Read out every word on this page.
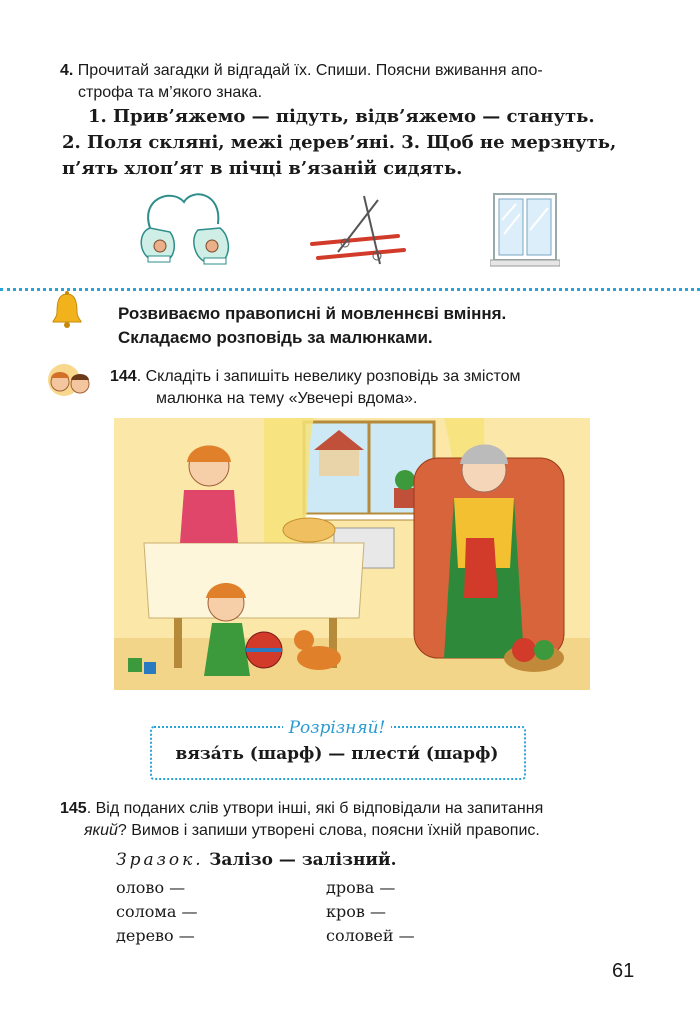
4. Прочитай загадки й відгадай їх. Спиши. Поясни вживання апо-
строфа та м’якого знака.
1. Прив’яжемо — підуть, відв’яжемо — стануть.
2. Поля склянi, межі дерев’яні. 3. Щоб не мерзнуть,
п’ять хлоп’ят в пічці в’язаній сидять.
Розвиваємо правописні й мовленнєві вміння.
Складаємо розповідь за малюнками.
144. Складіть і запишіть невелику розповідь за змістом
малюнка на тему «Увечері вдома».
Розрізняй!
вяза́ть (шарф) — плести́ (шарф)
145. Від поданих слів утвори інші, які б відповідали на запитання
який? Вимов і запиши утворені слова, поясни їхній правопис.
Зразок. Залізо — залізний.
олово —
солома —
дерево —
дрова —
кров —
соловей —
61
